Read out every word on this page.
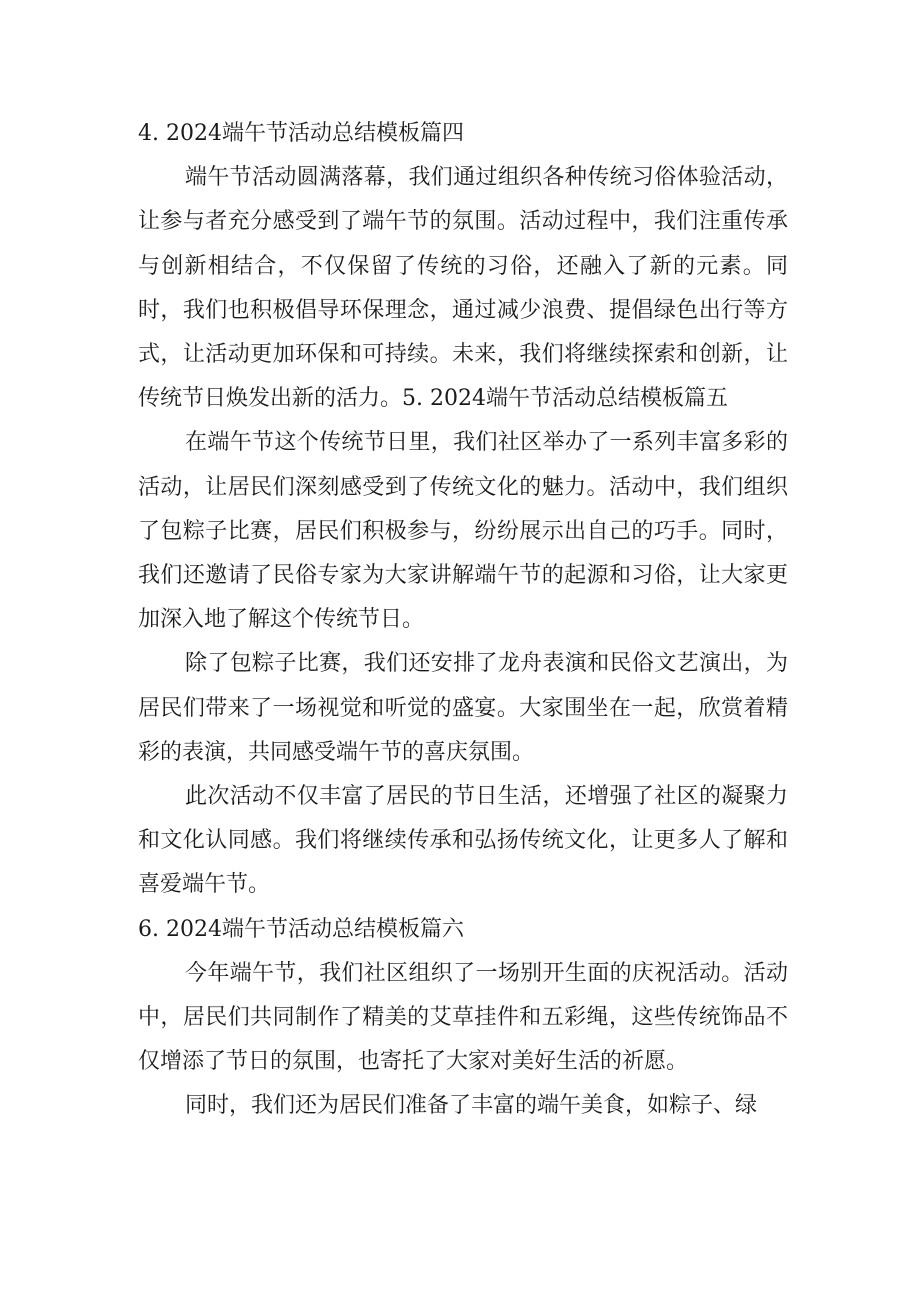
4. 2024端午节活动总结模板篇四

端午节活动圆满落幕，我们通过组织各种传统习俗体验活动，让参与者充分感受到了端午节的氛围。活动过程中，我们注重传承与创新相结合，不仅保留了传统的习俗，还融入了新的元素。同时，我们也积极倡导环保理念，通过减少浪费、提倡绿色出行等方式，让活动更加环保和可持续。未来，我们将继续探索和创新，让传统节日焕发出新的活力。5. 2024端午节活动总结模板篇五

在端午节这个传统节日里，我们社区举办了一系列丰富多彩的活动，让居民们深刻感受到了传统文化的魅力。活动中，我们组织了包粽子比赛，居民们积极参与，纷纷展示出自己的巧手。同时，我们还邀请了民俗专家为大家讲解端午节的起源和习俗，让大家更加深入地了解这个传统节日。

除了包粽子比赛，我们还安排了龙舟表演和民俗文艺演出，为居民们带来了一场视觉和听觉的盛宴。大家围坐在一起，欣赏着精彩的表演，共同感受端午节的喜庆氛围。

此次活动不仅丰富了居民的节日生活，还增强了社区的凝聚力和文化认同感。我们将继续传承和弘扬传统文化，让更多人了解和喜爱端午节。

6. 2024端午节活动总结模板篇六

今年端午节，我们社区组织了一场别开生面的庆祝活动。活动中，居民们共同制作了精美的艾草挂件和五彩绳，这些传统饰品不仅增添了节日的氛围，也寄托了大家对美好生活的祈愿。

同时，我们还为居民们准备了丰富的端午美食，如粽子、绿
